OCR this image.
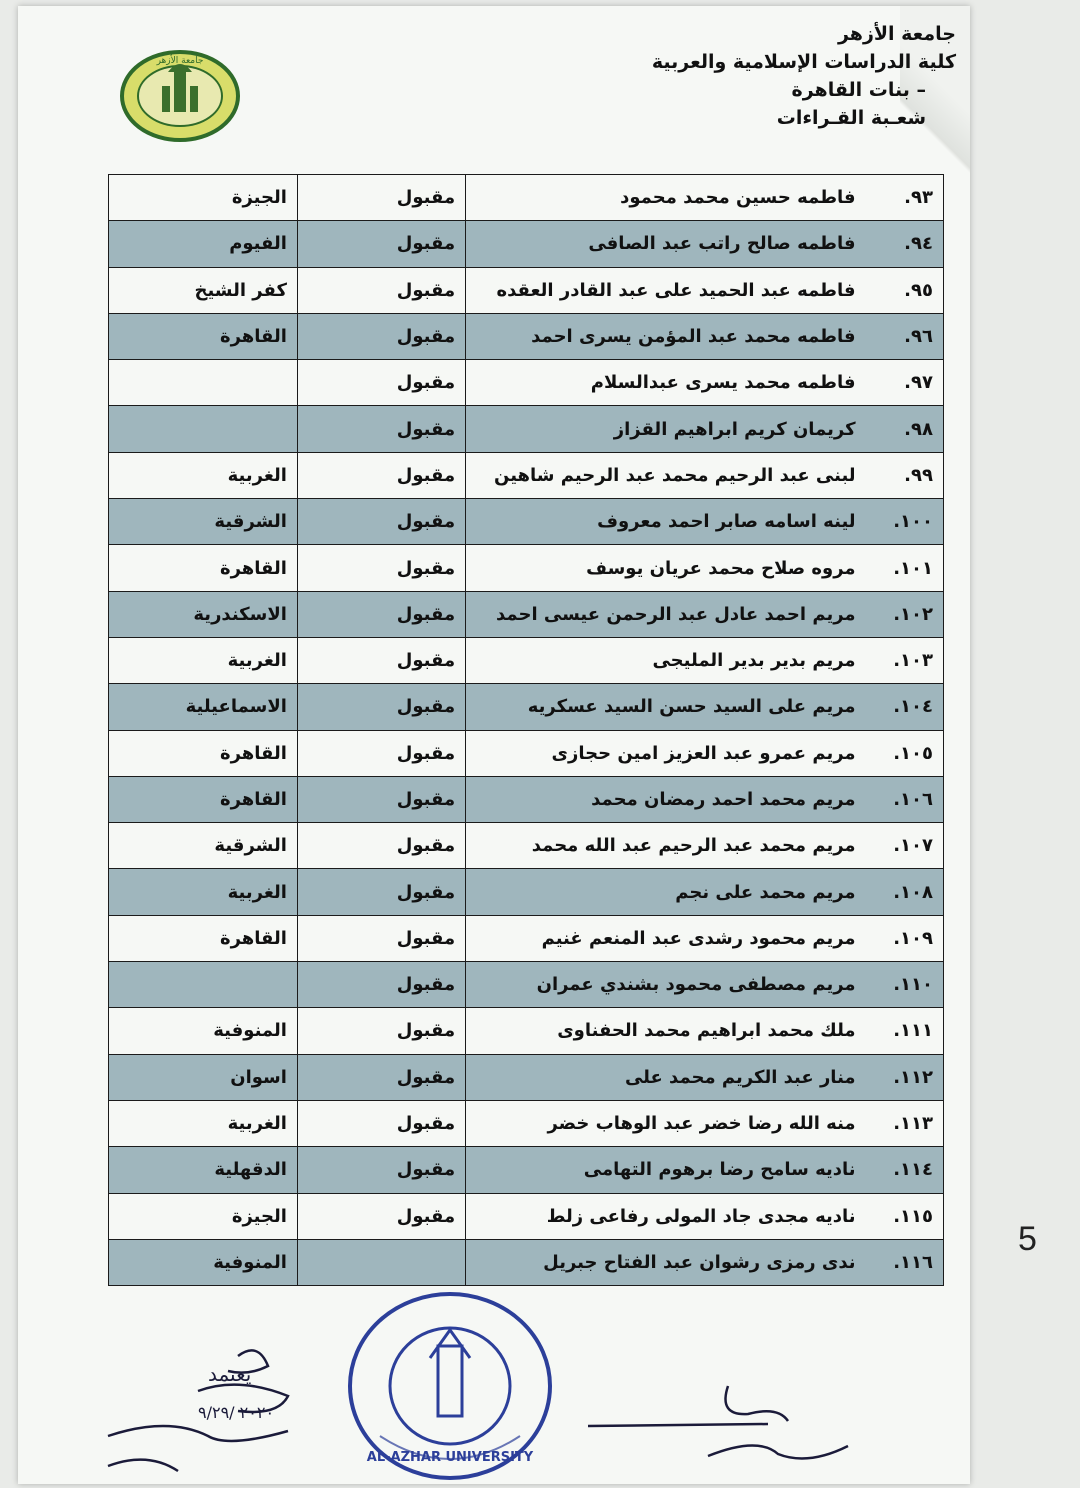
جامعة الأزهر
كلية الدراسات الإسلامية والعربية
– بنات القاهرة
شعـبة القـراءات
جامعة الأزهر
٩٣.	فاطمه حسين محمد محمود	مقبول	الجيزة
٩٤.	فاطمه صالح راتب عبد الصافى	مقبول	الفيوم
٩٥.	فاطمه عبد الحميد على عبد القادر العقده	مقبول	كفر الشيخ
٩٦.	فاطمه محمد عبد المؤمن يسرى احمد	مقبول	القاهرة
٩٧.	فاطمه محمد يسرى عبدالسلام	مقبول	
٩٨.	كريمان كريم ابراهيم القزاز	مقبول	
٩٩.	لبنى عبد الرحيم محمد عبد الرحيم شاهين	مقبول	الغربية
١٠٠.	لينه اسامه صابر احمد معروف	مقبول	الشرقية
١٠١.	مروه صلاح محمد عريان يوسف	مقبول	القاهرة
١٠٢.	مريم احمد عادل عبد الرحمن عيسى احمد	مقبول	الاسكندرية
١٠٣.	مريم بدير بدير المليجى	مقبول	الغربية
١٠٤.	مريم على السيد حسن السيد عسكريه	مقبول	الاسماعيلية
١٠٥.	مريم عمرو عبد العزيز امين حجازى	مقبول	القاهرة
١٠٦.	مريم محمد احمد رمضان محمد	مقبول	القاهرة
١٠٧.	مريم محمد عبد الرحيم عبد الله محمد	مقبول	الشرقية
١٠٨.	مريم محمد على نجم	مقبول	الغربية
١٠٩.	مريم محمود رشدى عبد المنعم غنيم	مقبول	القاهرة
١١٠.	مريم مصطفى محمود بشندي عمران	مقبول	
١١١.	ملك محمد ابراهيم محمد الحفناوى	مقبول	المنوفية
١١٢.	منار عبد الكريم محمد على	مقبول	اسوان
١١٣.	منه الله رضا خضر عبد الوهاب خضر	مقبول	الغربية
١١٤.	ناديه سامح رضا برهوم التهامى	مقبول	الدقهلية
١١٥.	ناديه مجدى جاد المولى رفاعى زلط	مقبول	الجيزة
١١٦.	ندى رمزى رشوان عبد الفتاح جبريل		المنوفية
AL-AZHAR UNIVERSITY
يعتمد
٢٠٢٠ /٩/٢٩
5
